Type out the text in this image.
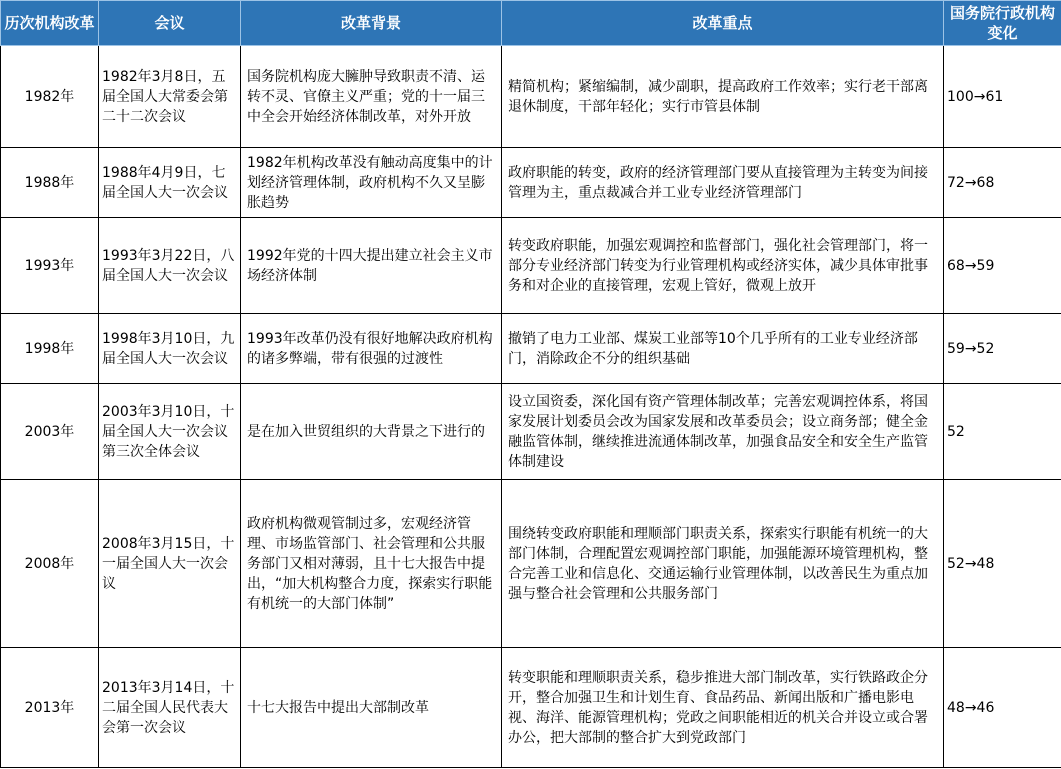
历次机构改革	会议	改革背景	改革重点	国务院行政机构变化
1982年	1982年3月8日，五届全国人大常委会第二十二次会议	国务院机构庞大臃肿导致职责不清、运转不灵、官僚主义严重；党的十一届三中全会开始经济体制改革，对外开放	精简机构；紧缩编制，减少副职，提高政府工作效率；实行老干部离退休制度，干部年轻化；实行市管县体制	100→61
1988年	1988年4月9日，七届全国人大一次会议	1982年机构改革没有触动高度集中的计划经济管理体制，政府机构不久又呈膨胀趋势	政府职能的转变，政府的经济管理部门要从直接管理为主转变为间接管理为主，重点裁减合并工业专业经济管理部门	72→68
1993年	1993年3月22日，八届全国人大一次会议	1992年党的十四大提出建立社会主义市场经济体制	转变政府职能，加强宏观调控和监督部门，强化社会管理部门，将一部分专业经济部门转变为行业管理机构或经济实体，减少具体审批事务和对企业的直接管理，宏观上管好，微观上放开	68→59
1998年	1998年3月10日，九届全国人大一次会议	1993年改革仍没有很好地解决政府机构的诸多弊端，带有很强的过渡性	撤销了电力工业部、煤炭工业部等10个几乎所有的工业专业经济部门，消除政企不分的组织基础	59→52
2003年	2003年3月10日，十届全国人大一次会议第三次全体会议	是在加入世贸组织的大背景之下进行的	设立国资委，深化国有资产管理体制改革；完善宏观调控体系，将国家发展计划委员会改为国家发展和改革委员会；设立商务部；健全金融监管体制，继续推进流通体制改革，加强食品安全和安全生产监管体制建设	52
2008年	2008年3月15日，十一届全国人大一次会议	政府机构微观管制过多，宏观经济管理、市场监管部门、社会管理和公共服务部门又相对薄弱，且十七大报告中提出，“加大机构整合力度，探索实行职能有机统一的大部门体制”	围绕转变政府职能和理顺部门职责关系，探索实行职能有机统一的大部门体制，合理配置宏观调控部门职能，加强能源环境管理机构，整合完善工业和信息化、交通运输行业管理体制，以改善民生为重点加强与整合社会管理和公共服务部门	52→48
2013年	2013年3月14日，十二届全国人民代表大会第一次会议	十七大报告中提出大部制改革	转变职能和理顺职责关系，稳步推进大部门制改革，实行铁路政企分开，整合加强卫生和计划生育、食品药品、新闻出版和广播电影电视、海洋、能源管理机构；党政之间职能相近的机关合并设立或合署办公，把大部制的整合扩大到党政部门	48→46
